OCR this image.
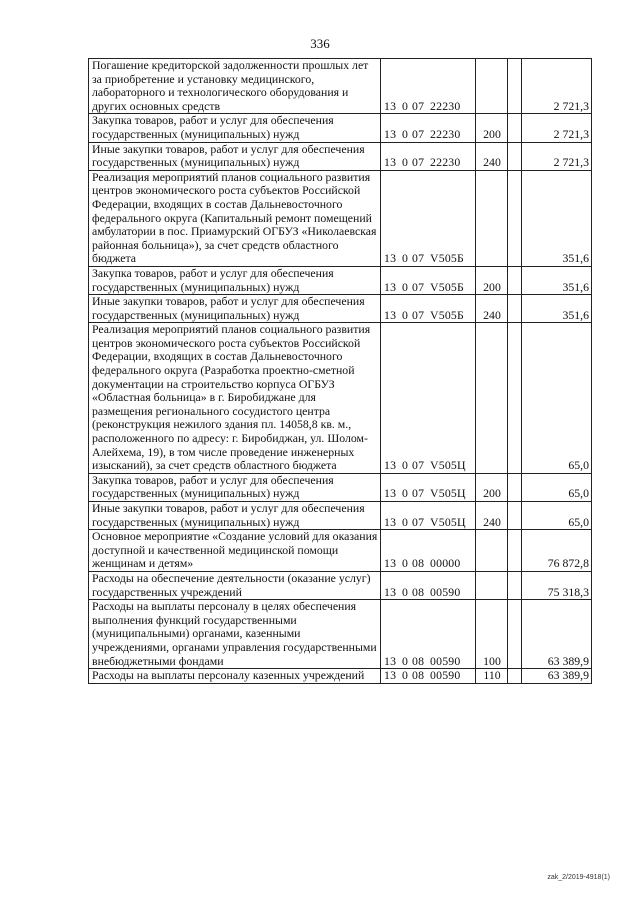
336
Погашение кредиторской задолженности прошлых лет за приобретение и установку медицинского, лабораторного и технологического оборудования и других основных средств	13 0 07 22230			2 721,3
Закупка товаров, работ и услуг для обеспечения государственных (муниципальных) нужд	13 0 07 22230	200		2 721,3
Иные закупки товаров, работ и услуг для обеспечения государственных (муниципальных) нужд	13 0 07 22230	240		2 721,3
Реализация мероприятий планов социального развития центров экономического роста субъектов Российской Федерации, входящих в состав Дальневосточного федерального округа (Капитальный ремонт помещений амбулатории в пос. Приамурский ОГБУЗ «Николаевская районная больница»), за счет средств областного бюджета	13 0 07 V505Б			351,6
Закупка товаров, работ и услуг для обеспечения государственных (муниципальных) нужд	13 0 07 V505Б	200		351,6
Иные закупки товаров, работ и услуг для обеспечения государственных (муниципальных) нужд	13 0 07 V505Б	240		351,6
Реализация мероприятий планов социального развития центров экономического роста субъектов Российской Федерации, входящих в состав Дальневосточного федерального округа (Разработка проектно-сметной документации на строительство корпуса ОГБУЗ «Областная больница» в г. Биробиджане для размещения регионального сосудистого центра (реконструкция нежилого здания пл. 14058,8 кв. м., расположенного по адресу: г. Биробиджан, ул. Шолом-Алейхема, 19), в том числе проведение инженерных изысканий), за счет средств областного бюджета	13 0 07 V505Ц			65,0
Закупка товаров, работ и услуг для обеспечения государственных (муниципальных) нужд	13 0 07 V505Ц	200		65,0
Иные закупки товаров, работ и услуг для обеспечения государственных (муниципальных) нужд	13 0 07 V505Ц	240		65,0
Основное мероприятие «Создание условий для оказания доступной и качественной медицинской помощи женщинам и детям»	13 0 08 00000			76 872,8
Расходы на обеспечение деятельности (оказание услуг) государственных учреждений	13 0 08 00590			75 318,3
Расходы на выплаты персоналу в целях обеспечения выполнения функций государственными (муниципальными) органами, казенными учреждениями, органами управления государственными внебюджетными фондами	13 0 08 00590	100		63 389,9
Расходы на выплаты персоналу казенных учреждений	13 0 08 00590	110		63 389,9
zak_2/2019-4918(1)
